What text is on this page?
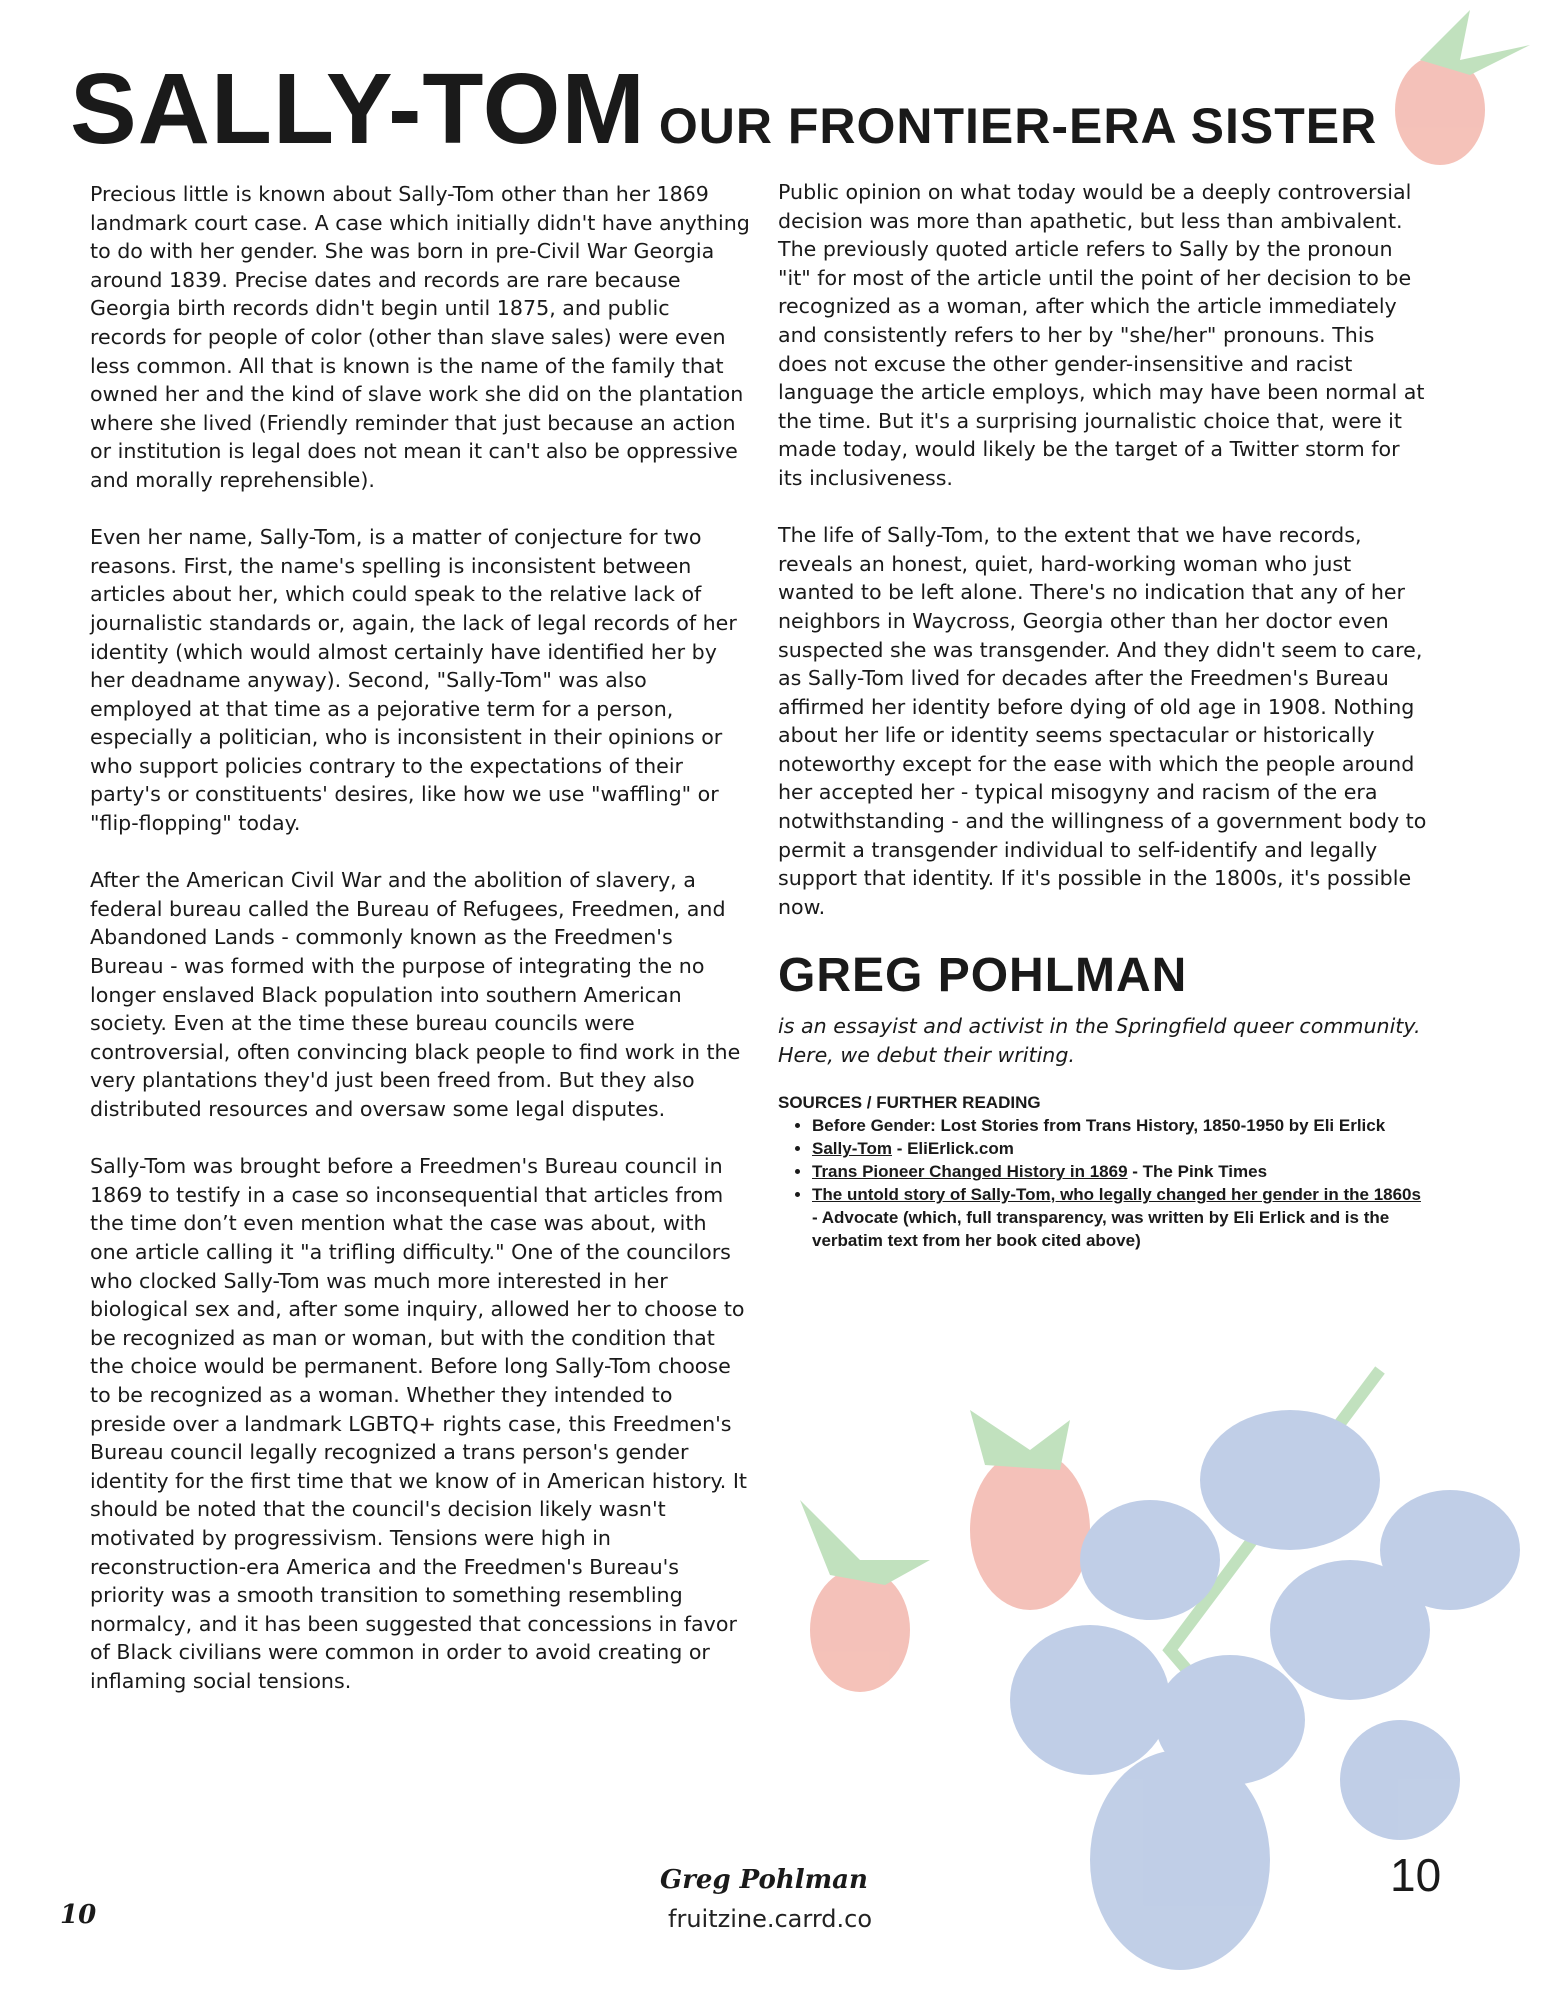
SALLY-TOM OUR FRONTIER-ERA SISTER

Precious little is known about Sally-Tom other than her 1869 landmark court case. A case which initially didn't have anything to do with her gender. She was born in pre-Civil War Georgia around 1839. Precise dates and records are rare because Georgia birth records didn't begin until 1875, and public records for people of color (other than slave sales) were even less common. All that is known is the name of the family that owned her and the kind of slave work she did on the plantation where she lived (Friendly reminder that just because an action or institution is legal does not mean it can't also be oppressive and morally reprehensible).

Even her name, Sally-Tom, is a matter of conjecture for two reasons. First, the name's spelling is inconsistent between articles about her, which could speak to the relative lack of journalistic standards or, again, the lack of legal records of her identity (which would almost certainly have identified her by her deadname anyway). Second, "Sally-Tom" was also employed at that time as a pejorative term for a person, especially a politician, who is inconsistent in their opinions or who support policies contrary to the expectations of their party's or constituents' desires, like how we use "waffling" or "flip-flopping" today.

After the American Civil War and the abolition of slavery, a federal bureau called the Bureau of Refugees, Freedmen, and Abandoned Lands - commonly known as the Freedmen's Bureau - was formed with the purpose of integrating the no longer enslaved Black population into southern American society. Even at the time these bureau councils were controversial, often convincing black people to find work in the very plantations they'd just been freed from. But they also distributed resources and oversaw some legal disputes.

Sally-Tom was brought before a Freedmen's Bureau council in 1869 to testify in a case so inconsequential that articles from the time don’t even mention what the case was about, with one article calling it "a trifling difficulty." One of the councilors who clocked Sally-Tom was much more interested in her biological sex and, after some inquiry, allowed her to choose to be recognized as man or woman, but with the condition that the choice would be permanent. Before long Sally-Tom choose to be recognized as a woman. Whether they intended to preside over a landmark LGBTQ+ rights case, this Freedmen's Bureau council legally recognized a trans person's gender identity for the first time that we know of in American history. It should be noted that the council's decision likely wasn't motivated by progressivism. Tensions were high in reconstruction-era America and the Freedmen's Bureau's priority was a smooth transition to something resembling normalcy, and it has been suggested that concessions in favor of Black civilians were common in order to avoid creating or inflaming social tensions.

Public opinion on what today would be a deeply controversial decision was more than apathetic, but less than ambivalent. The previously quoted article refers to Sally by the pronoun "it" for most of the article until the point of her decision to be recognized as a woman, after which the article immediately and consistently refers to her by "she/her" pronouns. This does not excuse the other gender-insensitive and racist language the article employs, which may have been normal at the time. But it's a surprising journalistic choice that, were it made today, would likely be the target of a Twitter storm for its inclusiveness.

The life of Sally-Tom, to the extent that we have records, reveals an honest, quiet, hard-working woman who just wanted to be left alone. There's no indication that any of her neighbors in Waycross, Georgia other than her doctor even suspected she was transgender. And they didn't seem to care, as Sally-Tom lived for decades after the Freedmen's Bureau affirmed her identity before dying of old age in 1908. Nothing about her life or identity seems spectacular or historically noteworthy except for the ease with which the people around her accepted her - typical misogyny and racism of the era notwithstanding - and the willingness of a government body to permit a transgender individual to self-identify and legally support that identity. If it's possible in the 1800s, it's possible now.

GREG POHLMAN
is an essayist and activist in the Springfield queer community. Here, we debut their writing.
SOURCES / FURTHER READING
• Before Gender: Lost Stories from Trans History, 1850-1950 by Eli Erlick
• Sally-Tom - EliErlick.com
• Trans Pioneer Changed History in 1869 - The Pink Times
• The untold story of Sally-Tom, who legally changed her gender in the 1860s - Advocate (which, full transparency, was written by Eli Erlick and is the verbatim text from her book cited above)
Greg Pohlman
fruitzine.carrd.co
10
10
